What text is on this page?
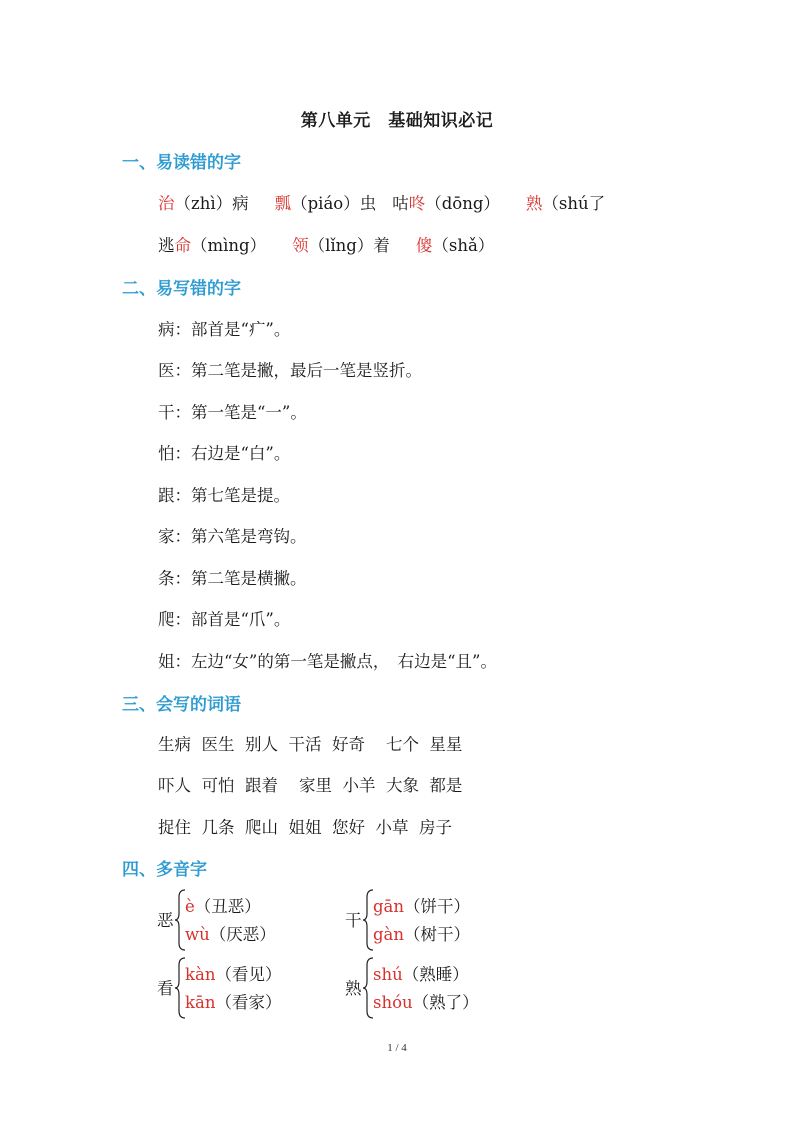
第八单元　基础知识必记
一、易读错的字
治（zhì）病 瓢（piáo）虫 咕咚（dōng） 熟（shú了
逃命（mìng） 领（lǐng）着 傻（shǎ）
二、易写错的字
病：部首是“疒”。
医：第二笔是撇，最后一笔是竖折。
干：第一笔是“一”。
怕：右边是“白”。
跟：第七笔是提。
家：第六笔是弯钩。
条：第二笔是横撇。
爬：部首是“爪”。
姐：左边“女”的第一笔是撇点，　右边是“且”。
三、会写的词语
生病  医生  别人  干活  好奇    七个  星星
吓人  可怕  跟着    家里  小羊  大象  都是
捉住  几条  爬山  姐姐  您好  小草  房子
四、多音字
恶
è（丑恶）
wù（厌恶）
干
gān（饼干）
gàn（树干）
看
kàn（看见）
kān（看家）
熟
shú（熟睡）
shóu（熟了）
1 / 4
